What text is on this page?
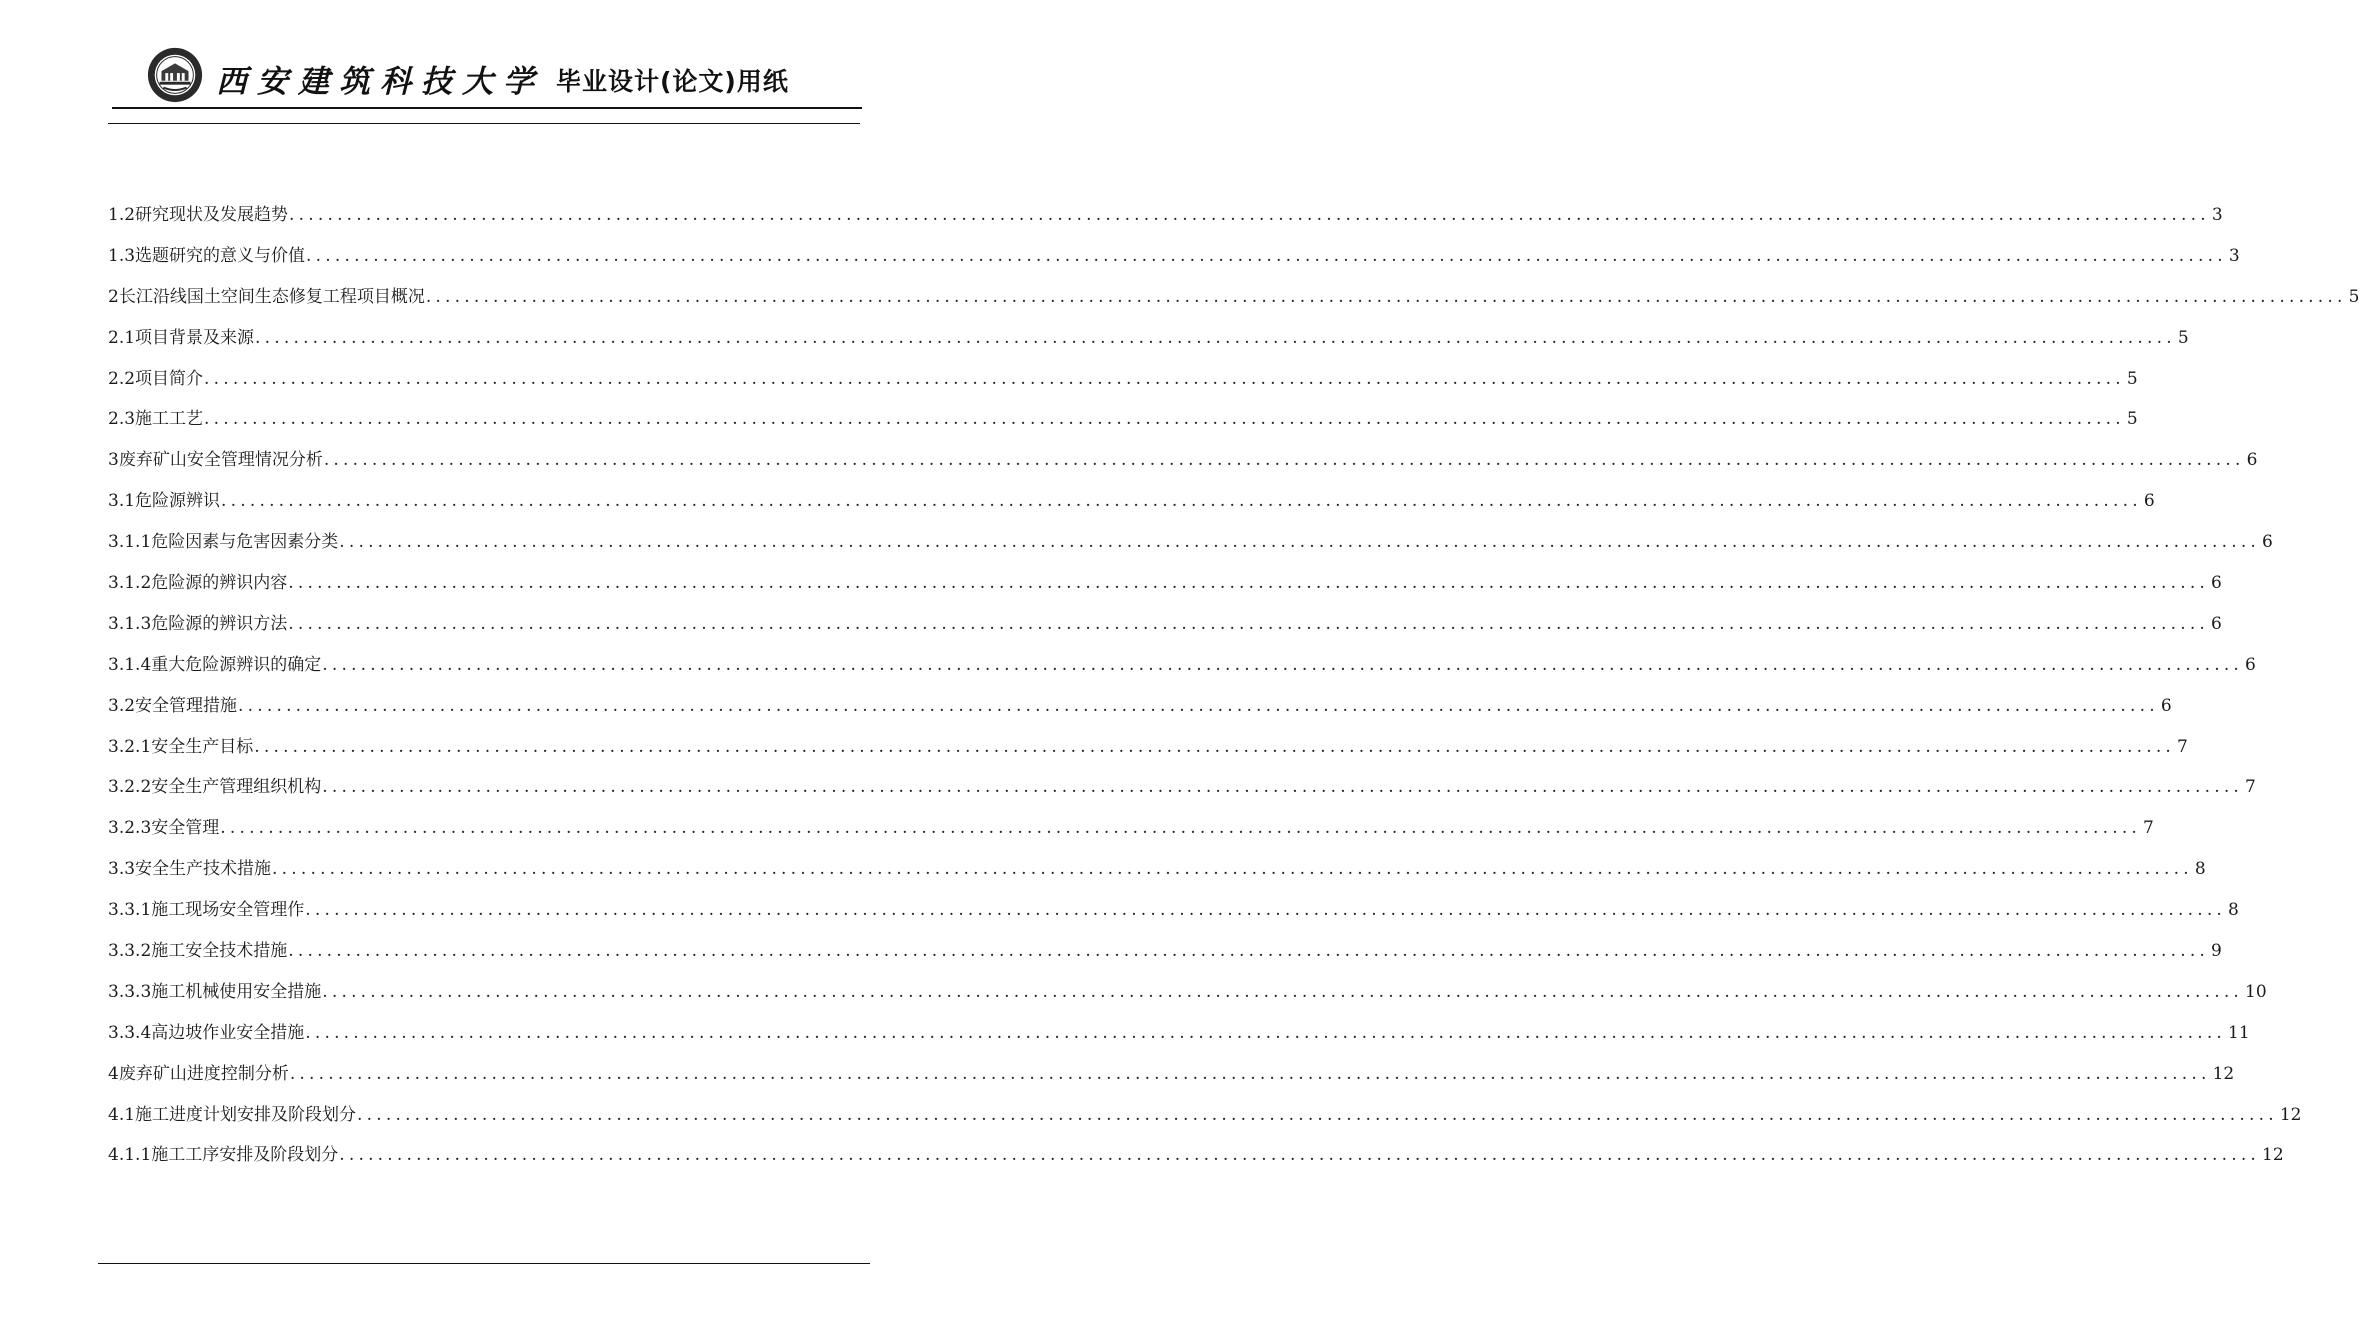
西安建筑科技大学 毕业设计(论文)用纸
1.2研究现状及发展趋势 ........................................................................................................................................................................................................ 3
1.3选题研究的意义与价值 ........................................................................................................................................................................................................ 3
2长江沿线国土空间生态修复工程项目概况 ........................................................................................................................................................................................................ 5
2.1项目背景及来源 ........................................................................................................................................................................................................ 5
2.2项目简介 ........................................................................................................................................................................................................ 5
2.3施工工艺 ........................................................................................................................................................................................................ 5
3废弃矿山安全管理情况分析 ........................................................................................................................................................................................................ 6
3.1危险源辨识 ........................................................................................................................................................................................................ 6
3.1.1危险因素与危害因素分类 ........................................................................................................................................................................................................ 6
3.1.2危险源的辨识内容 ........................................................................................................................................................................................................ 6
3.1.3危险源的辨识方法 ........................................................................................................................................................................................................ 6
3.1.4重大危险源辨识的确定 ........................................................................................................................................................................................................ 6
3.2安全管理措施 ........................................................................................................................................................................................................ 6
3.2.1安全生产目标 ........................................................................................................................................................................................................ 7
3.2.2安全生产管理组织机构 ........................................................................................................................................................................................................ 7
3.2.3安全管理 ........................................................................................................................................................................................................ 7
3.3安全生产技术措施 ........................................................................................................................................................................................................ 8
3.3.1施工现场安全管理作 ........................................................................................................................................................................................................ 8
3.3.2施工安全技术措施 ........................................................................................................................................................................................................ 9
3.3.3施工机械使用安全措施 ........................................................................................................................................................................................................ 10
3.3.4高边坡作业安全措施 ........................................................................................................................................................................................................ 11
4废弃矿山进度控制分析 ........................................................................................................................................................................................................ 12
4.1施工进度计划安排及阶段划分 ........................................................................................................................................................................................................ 12
4.1.1施工工序安排及阶段划分 ........................................................................................................................................................................................................ 12
